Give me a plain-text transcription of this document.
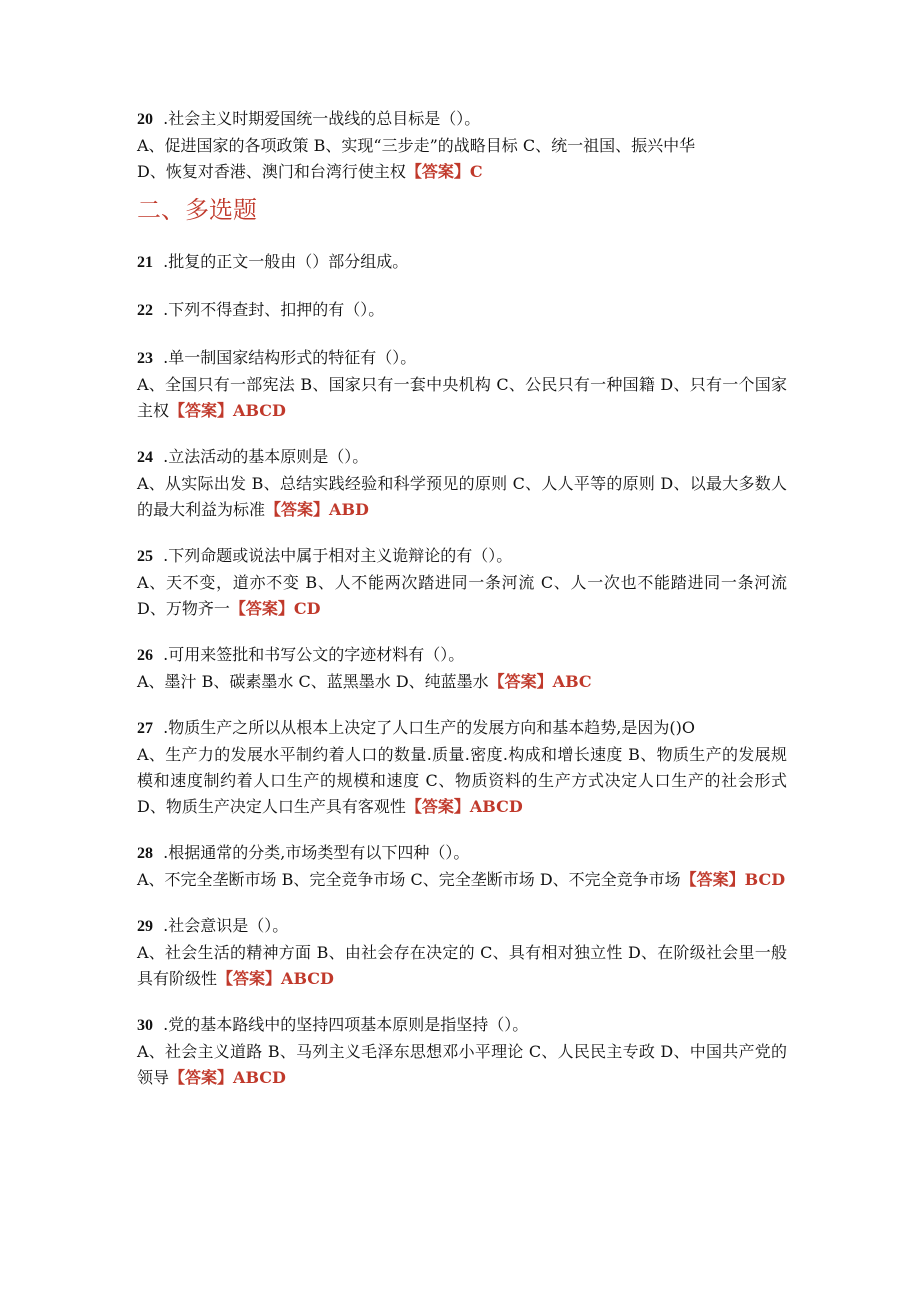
20 .社会主义时期爱国统一战线的总目标是（）。

A、促进国家的各项政策 B、实现“三步走”的战略目标 C、统一祖国、振兴中华

D、恢复对香港、澳门和台湾行使主权【答案】C

二、多选题

21 .批复的正文一般由（）部分组成。

22 .下列不得查封、扣押的有（）。

23 .单一制国家结构形式的特征有（）。

A、全国只有一部宪法 B、国家只有一套中央机构 C、公民只有一种国籍 D、只有一个国家主权【答案】ABCD

24 .立法活动的基本原则是（）。

A、从实际出发 B、总结实践经验和科学预见的原则 C、人人平等的原则 D、以最大多数人的最大利益为标准【答案】ABD

25 .下列命题或说法中属于相对主义诡辩论的有（）。

A、天不变，道亦不变 B、人不能两次踏进同一条河流 C、人一次也不能踏进同一条河流 D、万物齐一【答案】CD

26 .可用来签批和书写公文的字迹材料有（）。

A、墨汁 B、碳素墨水 C、蓝黑墨水 D、纯蓝墨水【答案】ABC

27 .物质生产之所以从根本上决定了人口生产的发展方向和基本趋势,是因为()O

A、生产力的发展水平制约着人口的数量.质量.密度.构成和增长速度 B、物质生产的发展规模和速度制约着人口生产的规模和速度 C、物质资料的生产方式决定人口生产的社会形式 D、物质生产决定人口生产具有客观性【答案】ABCD

28 .根据通常的分类,市场类型有以下四种（）。

A、不完全垄断市场 B、完全竞争市场 C、完全垄断市场 D、不完全竞争市场【答案】BCD

29 .社会意识是（）。

A、社会生活的精神方面 B、由社会存在决定的 C、具有相对独立性 D、在阶级社会里一般具有阶级性【答案】ABCD

30 .党的基本路线中的坚持四项基本原则是指坚持（）。

A、社会主义道路 B、马列主义毛泽东思想邓小平理论 C、人民民主专政 D、中国共产党的领导【答案】ABCD
